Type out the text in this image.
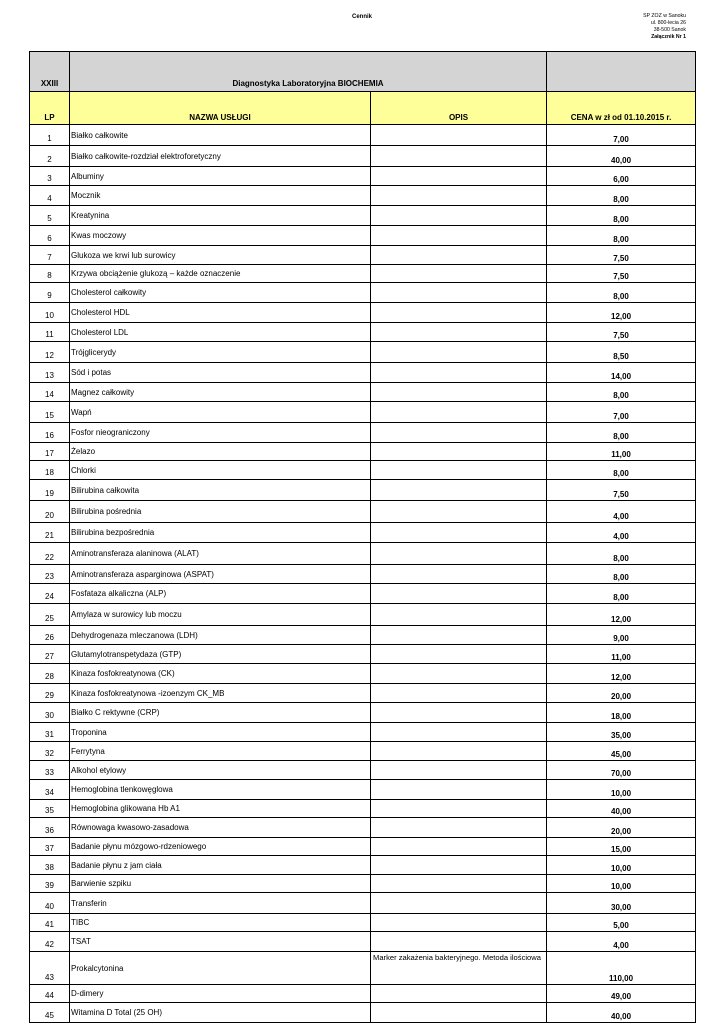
Cennik	SP ZOZ w Sanoku
ul. 800-lecia 26
38-500 Sanok
Załącznik Nr 1
XXIII	Diagnostyka Laboratoryjna BIOCHEMIA		
LP	NAZWA USŁUGI	OPIS	CENA w zł od 01.10.2015 r.
1	Białko całkowite		7,00
2	Białko całkowite-rozdział elektroforetyczny		40,00
3	Albuminy		6,00
4	Mocznik		8,00
5	Kreatynina		8,00
6	Kwas moczowy		8,00
7	Glukoza we krwi lub surowicy		7,50
8	Krzywa obciążenie glukozą – każde oznaczenie		7,50
9	Cholesterol całkowity		8,00
10	Cholesterol HDL		12,00
11	Cholesterol LDL		7,50
12	Trójglicerydy		8,50
13	Sód i potas		14,00
14	Magnez całkowity		8,00
15	Wapń		7,00
16	Fosfor nieograniczony		8,00
17	Żelazo		11,00
18	Chlorki		8,00
19	Bilirubina całkowita		7,50
20	Bilirubina pośrednia		4,00
21	Bilirubina bezpośrednia		4,00
22	Aminotransferaza alaninowa (ALAT)		8,00
23	Aminotransferaza asparginowa (ASPAT)		8,00
24	Fosfataza alkaliczna (ALP)		8,00
25	Amylaza w surowicy lub moczu		12,00
26	Dehydrogenaza mleczanowa (LDH)		9,00
27	Glutamylotranspetydaza (GTP)		11,00
28	Kinaza fosfokreatynowa (CK)		12,00
29	Kinaza fosfokreatynowa -izoenzym CK_MB		20,00
30	Białko C rektywne (CRP)		18,00
31	Troponina		35,00
32	Ferrytyna		45,00
33	Alkohol etylowy		70,00
34	Hemoglobina tlenkowęglowa		10,00
35	Hemoglobina glikowana Hb A1		40,00
36	Równowaga kwasowo-zasadowa		20,00
37	Badanie płynu mózgowo-rdzeniowego		15,00
38	Badanie płynu z jam ciała		10,00
39	Barwienie szpiku		10,00
40	Transferin		30,00
41	TIBC		5,00
42	TSAT		4,00
43	Prokalcytonina	Marker zakażenia bakteryjnego. Metoda ilościowa	110,00
44	D-dimery		49,00
45	Witamina D Total (25 OH)		40,00
